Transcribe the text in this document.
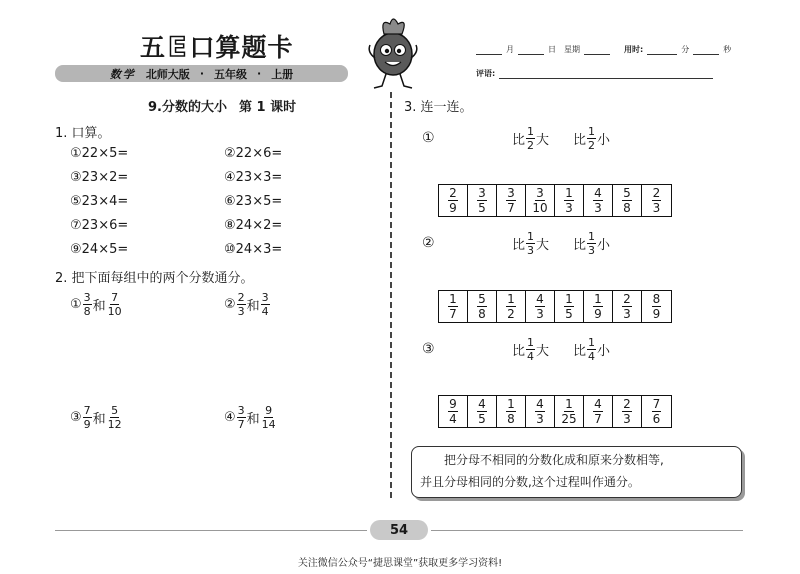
五E口算题卡
数学 北师大版 · 五年级 · 上册
月	日 星期	用时:	分	秒
评语:
9.分数的大小 第 1 课时
1. 口算。
①22×5=	②22×6=
③23×2=	④23×3=
⑤23×4=	⑥23×5=
⑦23×6=	⑧24×2=
⑨24×5=	⑩24×3=
2. 把下面每组中的两个分数通分。
① $\frac{3}{8}$ 和 $\frac{7}{10}$	② $\frac{2}{3}$ 和 $\frac{3}{4}$
③ $\frac{7}{9}$ 和 $\frac{5}{12}$	④ $\frac{3}{7}$ 和 $\frac{9}{14}$
3. 连一连。
①	比 $\frac{1}{2}$ 大 比 $\frac{1}{2}$ 小
$\frac{2}{9} \frac{3}{5} \frac{3}{7} \frac{3}{10} \frac{1}{3} \frac{4}{3} \frac{5}{8} \frac{2}{3}$
②	比 $\frac{1}{3}$ 大 比 $\frac{1}{3}$ 小
$\frac{1}{7} \frac{5}{8} \frac{1}{2} \frac{4}{3} \frac{1}{5} \frac{1}{9} \frac{2}{3} \frac{8}{9}$
③	比 $\frac{1}{4}$ 大 比 $\frac{1}{4}$ 小
$\frac{9}{4} \frac{4}{5} \frac{1}{8} \frac{4}{3} \frac{1}{25} \frac{4}{7} \frac{2}{3} \frac{7}{6}$
把分母不相同的分数化成和原来分数相等,
并且分母相同的分数,这个过程叫作通分。
54
关注微信公众号“捷思课堂”获取更多学习资料!
